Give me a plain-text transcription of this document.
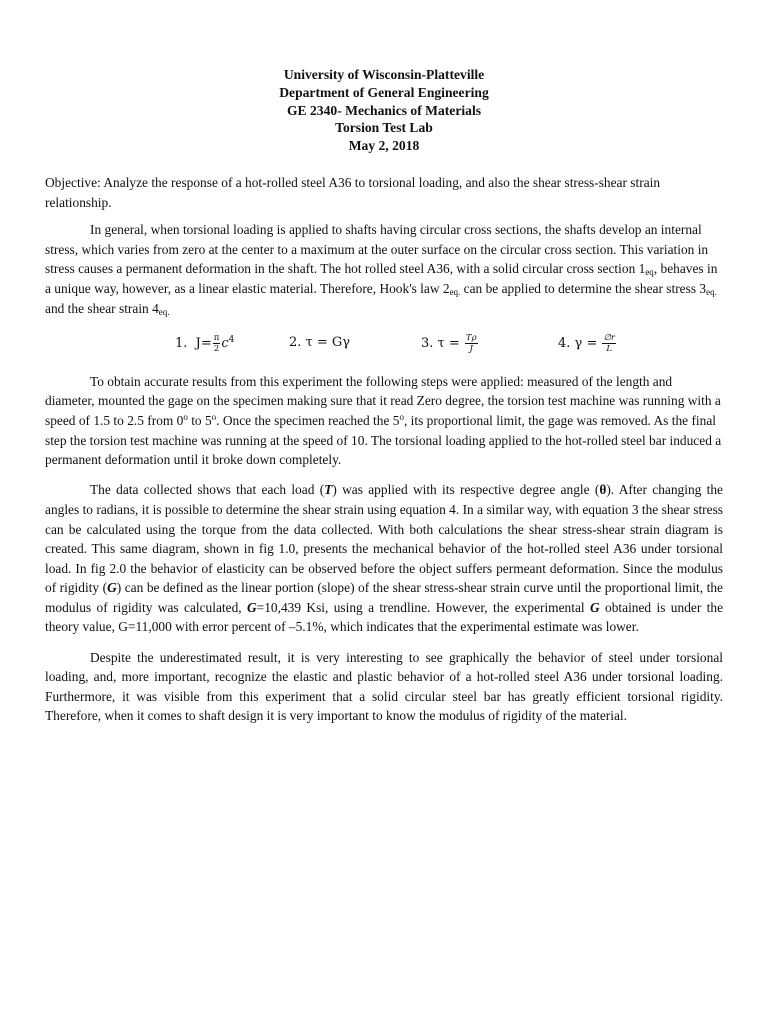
University of Wisconsin-Platteville
Department of General Engineering
GE 2340- Mechanics of Materials
Torsion Test Lab
May 2, 2018

Objective: Analyze the response of a hot-rolled steel A36 to torsional loading, and also the shear stress-shear strain relationship.

In general, when torsional loading is applied to shafts having circular cross sections, the shafts develop an internal stress, which varies from zero at the center to a maximum at the outer surface on the circular cross section. This variation in stress causes a permanent deformation in the shaft. The hot rolled steel A36, with a solid circular cross section $1_{eq}$, behaves in a unique way, however, as a linear elastic material. Therefore, Hook's law $2_{eq.}$ can be applied to determine the shear stress $3_{eq.}$ and the shear strain $4_{eq.}$

1. $J= \frac{\pi}{2} c^4$	2. τ = Gγ	3. $\tau = \frac{T\rho}{J}$	4. $\gamma = \frac{\emptyset r}{L}$

To obtain accurate results from this experiment the following steps were applied: measured of the length and diameter, mounted the gage on the specimen making sure that it read Zero degree, the torsion test machine was running with a speed of 1.5 to 2.5 from 0$^o$ to 5$^o$. Once the specimen reached the 5$^o$, its proportional limit, the gage was removed. As the final step the torsion test machine was running at the speed of 10. The torsional loading applied to the hot-rolled steel bar induced a permanent deformation until it broke down completely.

The data collected shows that each load (T) was applied with its respective degree angle (θ). After changing the angles to radians, it is possible to determine the shear strain using equation 4. In a similar way, with equation 3 the shear stress can be calculated using the torque from the data collected. With both calculations the shear stress-shear strain diagram is created. This same diagram, shown in fig 1.0, presents the mechanical behavior of the hot-rolled steel A36 under torsional load. In fig 2.0 the behavior of elasticity can be observed before the object suffers permeant deformation. Since the modulus of rigidity (G) can be defined as the linear portion (slope) of the shear stress-shear strain curve until the proportional limit, the modulus of rigidity was calculated, G=10,439 Ksi, using a trendline. However, the experimental G obtained is under the theory value, G=11,000 with error percent of –5.1%, which indicates that the experimental estimate was lower.

Despite the underestimated result, it is very interesting to see graphically the behavior of steel under torsional loading, and, more important, recognize the elastic and plastic behavior of a hot-rolled steel A36 under torsional loading. Furthermore, it was visible from this experiment that a solid circular steel bar has greatly efficient torsional rigidity. Therefore, when it comes to shaft design it is very important to know the modulus of rigidity of the material.
